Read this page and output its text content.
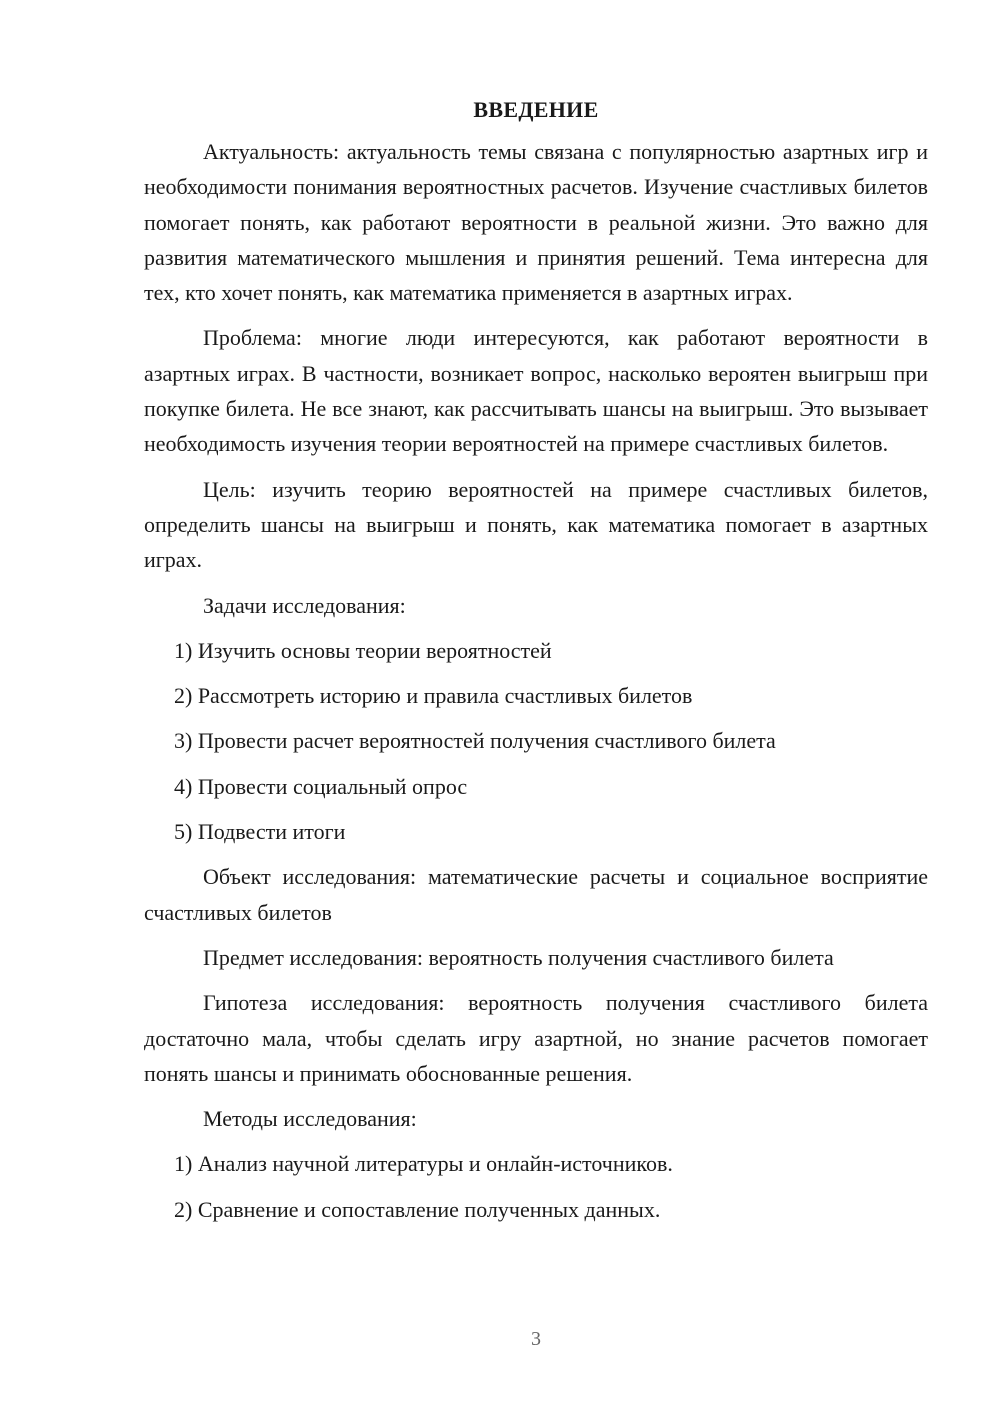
ВВЕДЕНИЕ

Актуальность: актуальность темы связана с популярностью азартных игр и необходимости понимания вероятностных расчетов. Изучение счастливых билетов помогает понять, как работают вероятности в реальной жизни. Это важно для развития математического мышления и принятия решений. Тема интересна для тех, кто хочет понять, как математика применяется в азартных играх.

Проблема: многие люди интересуются, как работают вероятности в азартных играх. В частности, возникает вопрос, насколько вероятен выигрыш при покупке билета. Не все знают, как рассчитывать шансы на выигрыш. Это вызывает необходимость изучения теории вероятностей на примере счастливых билетов.

Цель: изучить теорию вероятностей на примере счастливых билетов, определить шансы на выигрыш и понять, как математика помогает в азартных играх.

Задачи исследования:
1) Изучить основы теории вероятностей
2) Рассмотреть историю и правила счастливых билетов
3) Провести расчет вероятностей получения счастливого билета
4) Провести социальный опрос
5) Подвести итоги

Объект исследования: математические расчеты и социальное восприятие счастливых билетов

Предмет исследования: вероятность получения счастливого билета

Гипотеза исследования: вероятность получения счастливого билета достаточно мала, чтобы сделать игру азартной, но знание расчетов помогает понять шансы и принимать обоснованные решения.

Методы исследования:
1) Анализ научной литературы и онлайн-источников.
2) Сравнение и сопоставление полученных данных.
3
